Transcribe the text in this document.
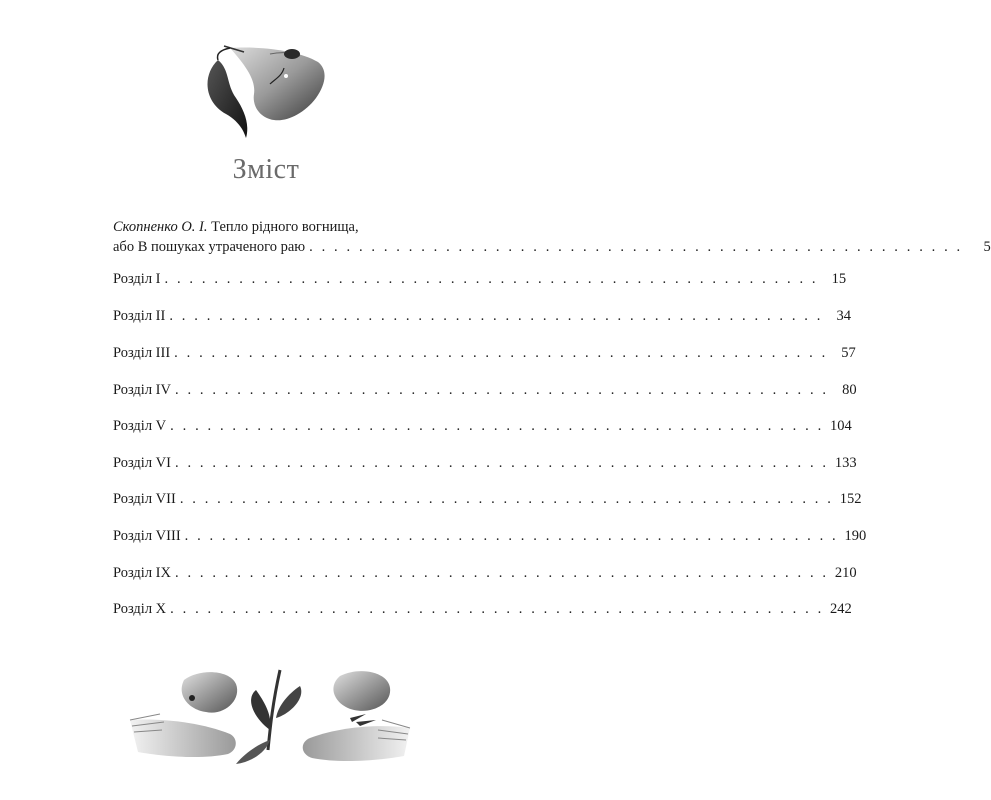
Зміст
Скопненко О. І. Тепло рідного вогнища,
або В пошуках утраченого раю . . . . . . . . . . . . . . . . . . . . . . . . . . . . . . . . . . . . . . . . . . . . . . . . . . . . .	5
Розділ I . . . . . . . . . . . . . . . . . . . . . . . . . . . . . . . . . . . . . . . . . . . . . . . . . . . . . 15
Розділ II . . . . . . . . . . . . . . . . . . . . . . . . . . . . . . . . . . . . . . . . . . . . . . . . . . . . . 34
Розділ III . . . . . . . . . . . . . . . . . . . . . . . . . . . . . . . . . . . . . . . . . . . . . . . . . . . . . 57
Розділ IV . . . . . . . . . . . . . . . . . . . . . . . . . . . . . . . . . . . . . . . . . . . . . . . . . . . . . 80
Розділ V . . . . . . . . . . . . . . . . . . . . . . . . . . . . . . . . . . . . . . . . . . . . . . . . . . . . . 104
Розділ VI . . . . . . . . . . . . . . . . . . . . . . . . . . . . . . . . . . . . . . . . . . . . . . . . . . . . . 133
Розділ VII . . . . . . . . . . . . . . . . . . . . . . . . . . . . . . . . . . . . . . . . . . . . . . . . . . . . . 152
Розділ VIII . . . . . . . . . . . . . . . . . . . . . . . . . . . . . . . . . . . . . . . . . . . . . . . . . . . . . 190
Розділ IX . . . . . . . . . . . . . . . . . . . . . . . . . . . . . . . . . . . . . . . . . . . . . . . . . . . . . 210
Розділ X . . . . . . . . . . . . . . . . . . . . . . . . . . . . . . . . . . . . . . . . . . . . . . . . . . . . . 242
